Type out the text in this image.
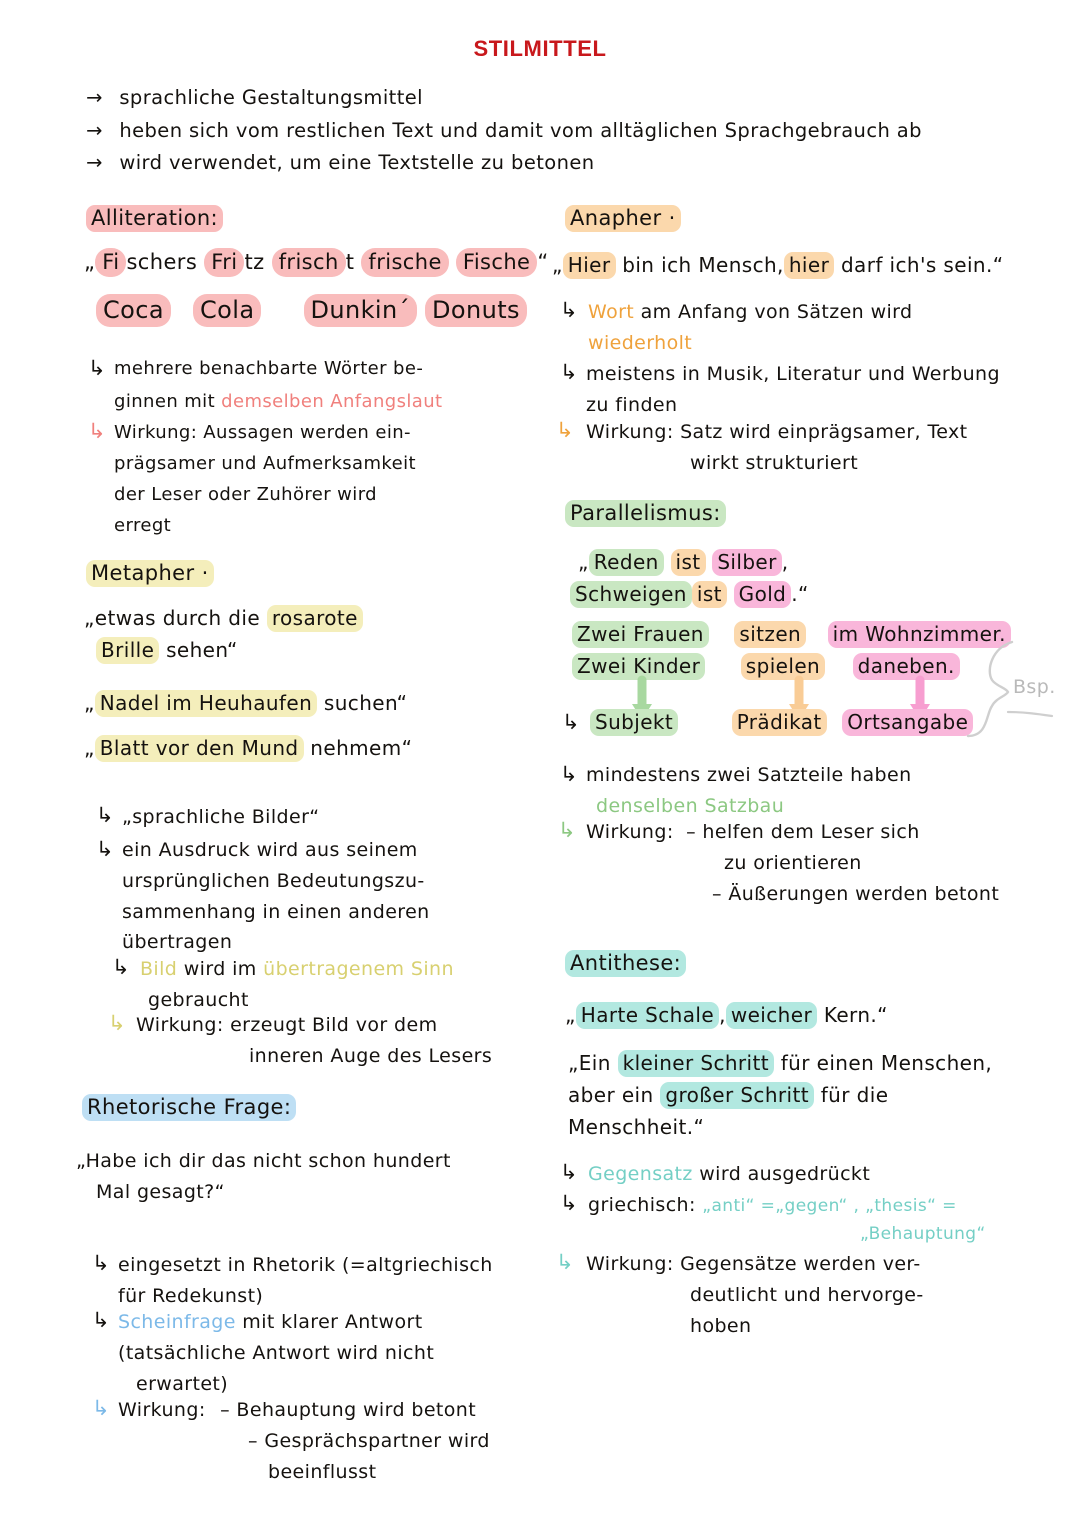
STILMITTEL
→ sprachliche Gestaltungsmittel
→ heben sich vom restlichen Text und damit vom alltäglichen Sprachgebrauch ab
→ wird verwendet, um eine Textstelle zu betonen
Alliteration:
„ Fi schers Fri tz frisch t frische Fische “
Coca Cola Dunkin´ Donuts
↳ mehrere benachbarte Wörter be-
ginnen mit demselben Anfangslaut
↳ Wirkung: Aussagen werden ein-
prägsamer und Aufmerksamkeit
der Leser oder Zuhörer wird
erregt
Metapher ·
„etwas durch die rosarote
Brille sehen“
„ Nadel im Heuhaufen suchen“
„ Blatt vor den Mund nehmem“
↳ „sprachliche Bilder“
↳ ein Ausdruck wird aus seinem
ursprünglichen Bedeutungszu-
sammenhang in einen anderen
übertragen
↳ Bild wird im übertragenem Sinn
gebraucht
↳ Wirkung: erzeugt Bild vor dem
inneren Auge des Lesers
Rhetorische Frage:
„Habe ich dir das nicht schon hundert
Mal gesagt?“
↳ eingesetzt in Rhetorik (=altgriechisch
für Redekunst)
↳ Scheinfrage mit klarer Antwort
(tatsächliche Antwort wird nicht
erwartet)
↳ Wirkung: – Behauptung wird betont
– Gesprächspartner wird
beeinflusst
Anapher ·
„ Hier bin ich Mensch, hier darf ich's sein.“
↳ Wort am Anfang von Sätzen wird
wiederholt
↳ meistens in Musik, Literatur und Werbung
zu finden
↳ Wirkung: Satz wird einprägsamer, Text
wirkt strukturiert
Parallelismus:
„ Reden ist Silber ,
Schweigen ist Gold .“
Zwei Frauen sitzen im Wohnzimmer.
Zwei Kinder spielen daneben.
↳ Subjekt	Prädikat Ortsangabe
Bsp.
↳ mindestens zwei Satzteile haben
denselben Satzbau
↳ Wirkung: – helfen dem Leser sich
zu orientieren
– Äußerungen werden betont
Antithese:
„ Harte Schale , weicher Kern.“
„Ein kleiner Schritt für einen Menschen,
aber ein großer Schritt für die
Menschheit.“
↳ Gegensatz wird ausgedrückt
↳ griechisch: „anti“ =„gegen“ , „thesis“ =
„Behauptung“
↳ Wirkung: Gegensätze werden ver-
deutlicht und hervorge-
hoben
